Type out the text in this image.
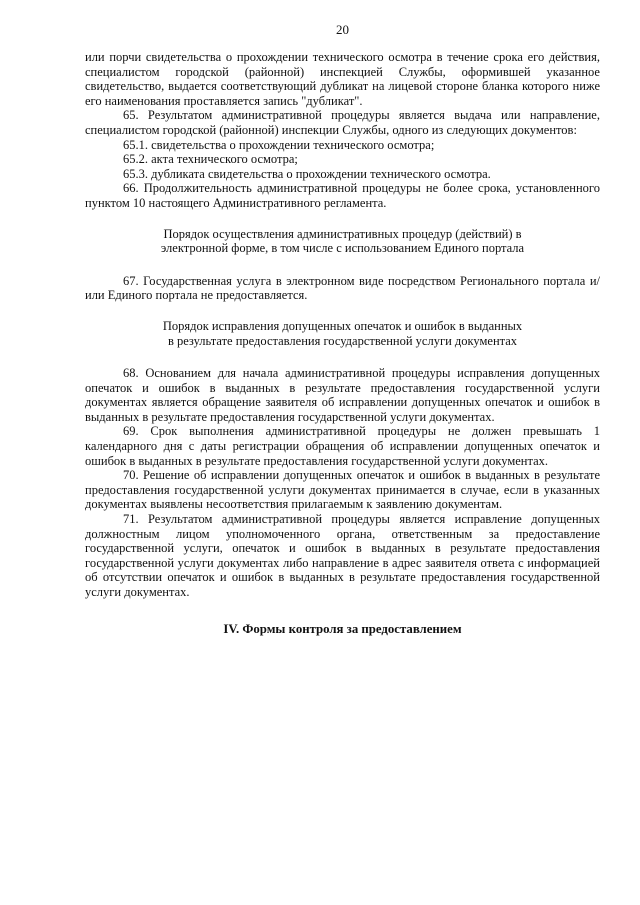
20

или порчи свидетельства о прохождении технического осмотра в течение срока его действия, специалистом городской (районной) инспекцией Службы, оформившей указанное свидетельство, выдается соответствующий дубликат на лицевой стороне бланка которого ниже его наименования проставляется запись "дубликат".

65. Результатом административной процедуры является выдача или направление, специалистом городской (районной) инспекции Службы, одного из следующих документов:

65.1. свидетельства о прохождении технического осмотра;

65.2. акта технического осмотра;

65.3. дубликата свидетельства о прохождении технического осмотра.

66. Продолжительность административной процедуры не более срока, установленного пунктом 10 настоящего Административного регламента.

Порядок осуществления административных процедур (действий) в
электронной форме, в том числе с использованием Единого портала

67. Государственная услуга в электронном виде посредством Регионального портала и/или Единого портала не предоставляется.

Порядок исправления допущенных опечаток и ошибок в выданных
в результате предоставления государственной услуги документах

68. Основанием для начала административной процедуры исправления допущенных опечаток и ошибок в выданных в результате предоставления государственной услуги документах является обращение заявителя об исправлении допущенных опечаток и ошибок в выданных в результате предоставления государственной услуги документах.

69. Срок выполнения административной процедуры не должен превышать 1 календарного дня с даты регистрации обращения об исправлении допущенных опечаток и ошибок в выданных в результате предоставления государственной услуги документах.

70. Решение об исправлении допущенных опечаток и ошибок в выданных в результате предоставления государственной услуги документах принимается в случае, если в указанных документах выявлены несоответствия прилагаемым к заявлению документам.

71. Результатом административной процедуры является исправление допущенных должностным лицом уполномоченного органа, ответственным за предоставление государственной услуги, опечаток и ошибок в выданных в результате предоставления государственной услуги документах либо направление в адрес заявителя ответа с информацией об отсутствии опечаток и ошибок в выданных в результате предоставления государственной услуги документах.

IV. Формы контроля за предоставлением
